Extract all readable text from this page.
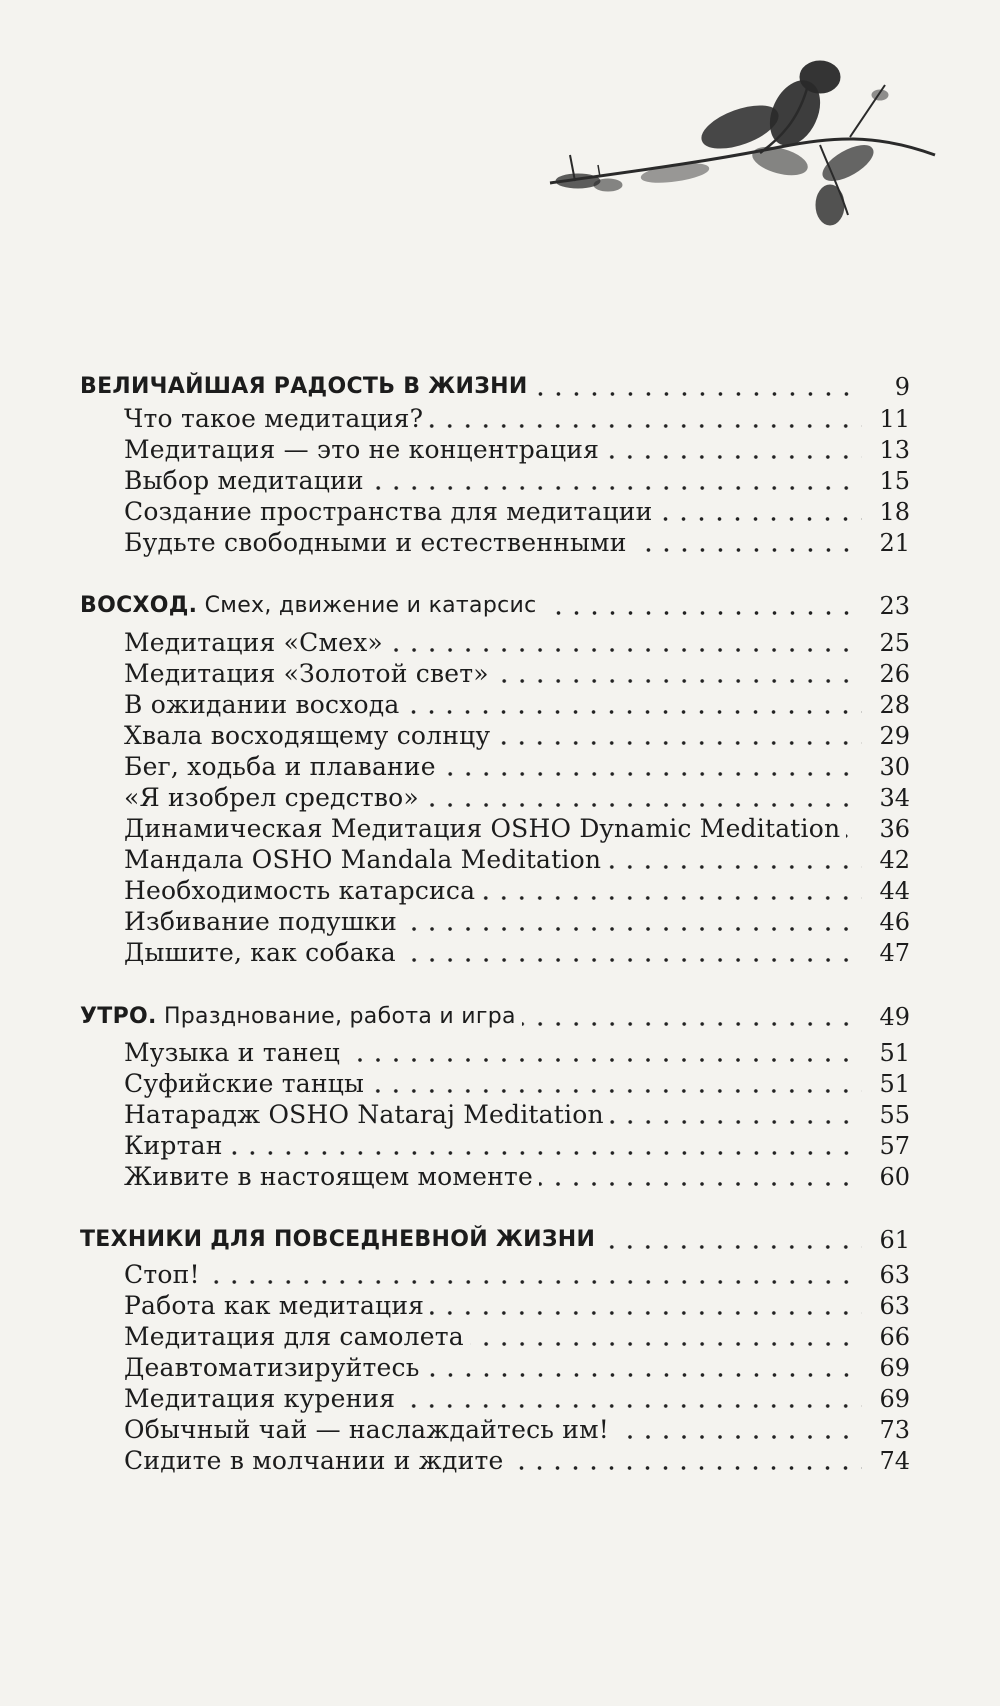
ВЕЛИЧАЙШАЯ РАДОСТЬ В ЖИЗНИ	9
Что такое медитация?	11
Медитация — это не концентрация	13
Выбор медитации	15
Создание пространства для медитации	18
Будьте свободными и естественными	21
ВОСХОД. Смех, движение и катарсис	23
Медитация «Смех»	25
Медитация «Золотой свет»	26
В ожидании восхода	28
Хвала восходящему солнцу	29
Бег, ходьба и плавание	30
«Я изобрел средство»	34
Динамическая Медитация OSHO Dynamic Meditation	36
Мандала OSHO Mandala Meditation	42
Необходимость катарсиса	44
Избивание подушки	46
Дышите, как собака	47
УТРО. Празднование, работа и игра	49
Музыка и танец	51
Суфийские танцы	51
Натарадж OSHO Nataraj Meditation	55
Киртан	57
Живите в настоящем моменте	60
ТЕХНИКИ ДЛЯ ПОВСЕДНЕВНОЙ ЖИЗНИ	61
Стоп!	63
Работа как медитация	63
Медитация для самолета	66
Деавтоматизируйтесь	69
Медитация курения	69
Обычный чай — наслаждайтесь им!	73
Сидите в молчании и ждите	74
